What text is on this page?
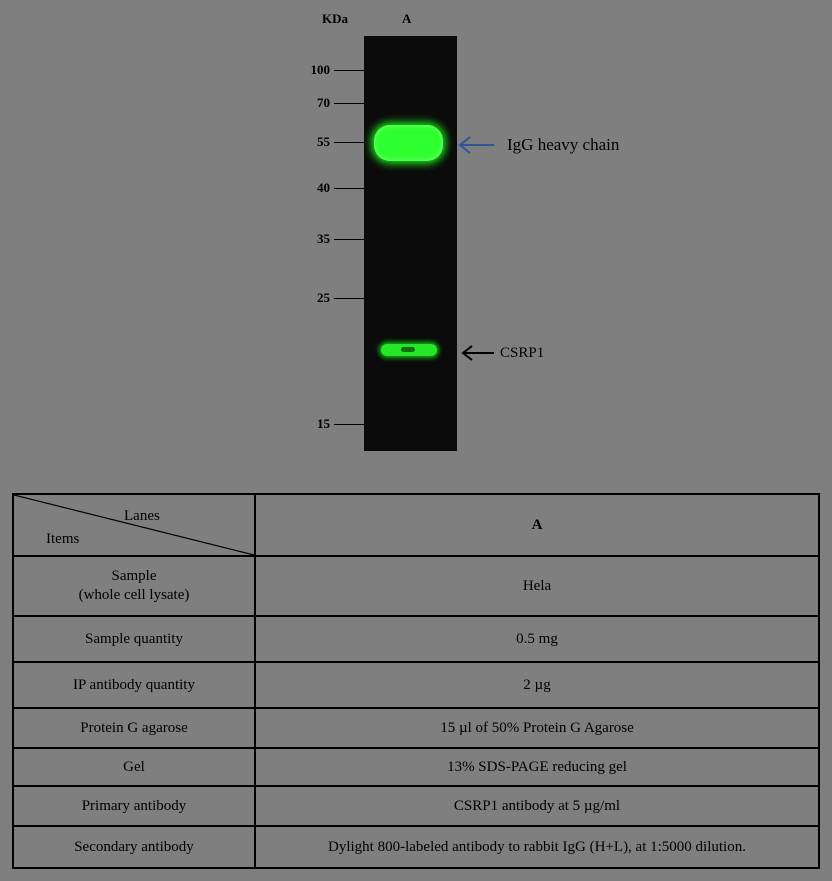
KDa	A
100
70
55
40
35
25
15
IgG heavy chain
CSRP1
Lanes
Items	A

Sample
(whole cell lysate)	Hela
Sample quantity	0.5 mg
IP antibody quantity	2 µg
Protein G agarose	15 µl of 50% Protein G Agarose
Gel	13% SDS-PAGE reducing gel
Primary antibody	CSRP1 antibody at 5 µg/ml
Secondary antibody	Dylight 800-labeled antibody to rabbit IgG (H+L), at 1:5000 dilution.
